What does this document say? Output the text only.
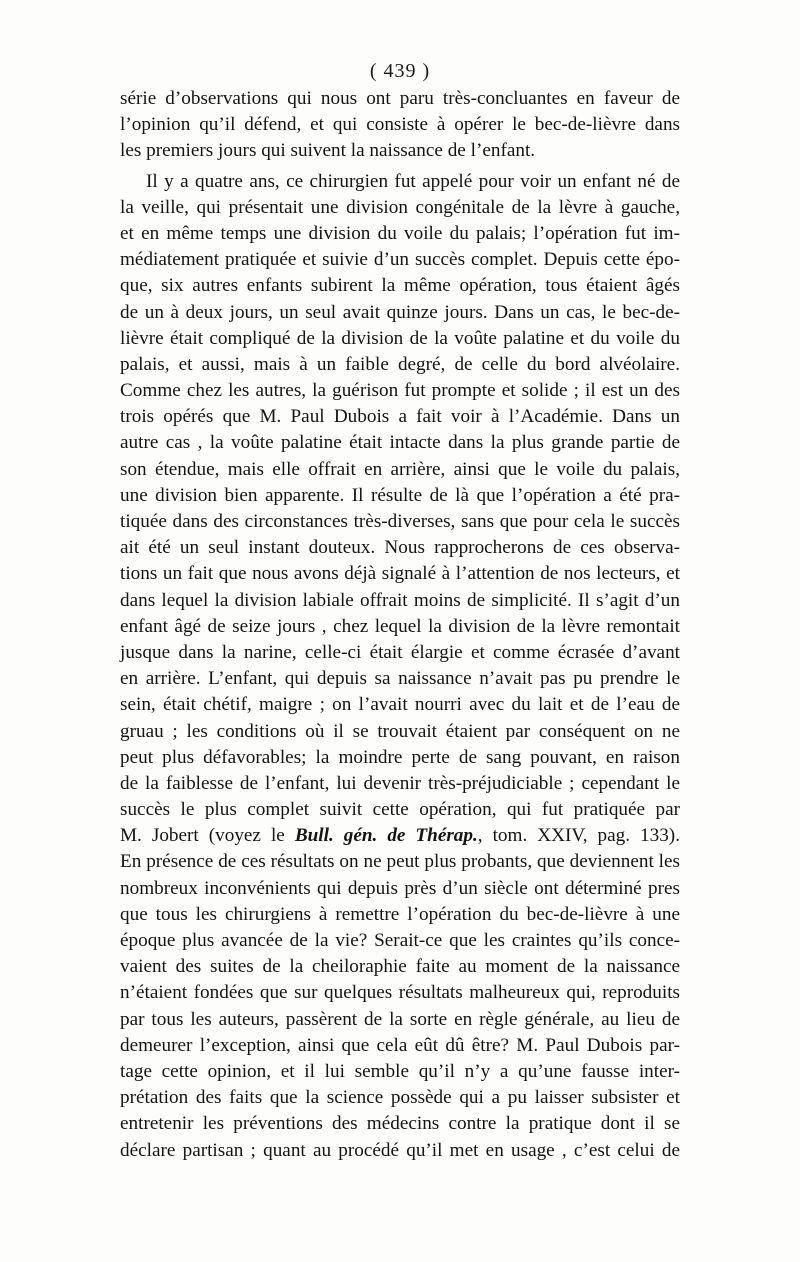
( 439 )
série d’observations qui nous ont paru très-concluantes en faveur de
l’opinion qu’il défend, et qui consiste à opérer le bec-de-lièvre dans
les premiers jours qui suivent la naissance de l’enfant.
Il y a quatre ans, ce chirurgien fut appelé pour voir un enfant né de
la veille, qui présentait une division congénitale de la lèvre à gauche,
et en même temps une division du voile du palais; l’opération fut im-
médiatement pratiquée et suivie d’un succès complet. Depuis cette épo-
que, six autres enfants subirent la même opération, tous étaient âgés
de un à deux jours, un seul avait quinze jours. Dans un cas, le bec-de-
lièvre était compliqué de la division de la voûte palatine et du voile du
palais, et aussi, mais à un faible degré, de celle du bord alvéolaire.
Comme chez les autres, la guérison fut prompte et solide ; il est un des
trois opérés que M. Paul Dubois a fait voir à l’Académie. Dans un
autre cas , la voûte palatine était intacte dans la plus grande partie de
son étendue, mais elle offrait en arrière, ainsi que le voile du palais,
une division bien apparente. Il résulte de là que l’opération a été pra-
tiquée dans des circonstances très-diverses, sans que pour cela le succès
ait été un seul instant douteux. Nous rapprocherons de ces observa-
tions un fait que nous avons déjà signalé à l’attention de nos lecteurs, et
dans lequel la division labiale offrait moins de simplicité. Il s’agit d’un
enfant âgé de seize jours , chez lequel la division de la lèvre remontait
jusque dans la narine, celle-ci était élargie et comme écrasée d’avant
en arrière. L’enfant, qui depuis sa naissance n’avait pas pu prendre le
sein, était chétif, maigre ; on l’avait nourri avec du lait et de l’eau de
gruau ; les conditions où il se trouvait étaient par conséquent on ne
peut plus défavorables; la moindre perte de sang pouvant, en raison
de la faiblesse de l’enfant, lui devenir très-préjudiciable ; cependant le
succès le plus complet suivit cette opération, qui fut pratiquée par
M. Jobert (voyez le Bull. gén. de Thérap., tom. XXIV, pag. 133).
En présence de ces résultats on ne peut plus probants, que deviennent les
nombreux inconvénients qui depuis près d’un siècle ont déterminé pres
que tous les chirurgiens à remettre l’opération du bec-de-lièvre à une
époque plus avancée de la vie? Serait-ce que les craintes qu’ils conce-
vaient des suites de la cheiloraphie faite au moment de la naissance
n’étaient fondées que sur quelques résultats malheureux qui, reproduits
par tous les auteurs, passèrent de la sorte en règle générale, au lieu de
demeurer l’exception, ainsi que cela eût dû être? M. Paul Dubois par-
tage cette opinion, et il lui semble qu’il n’y a qu’une fausse inter-
prétation des faits que la science possède qui a pu laisser subsister et
entretenir les préventions des médecins contre la pratique dont il se
déclare partisan ; quant au procédé qu’il met en usage , c’est celui de
